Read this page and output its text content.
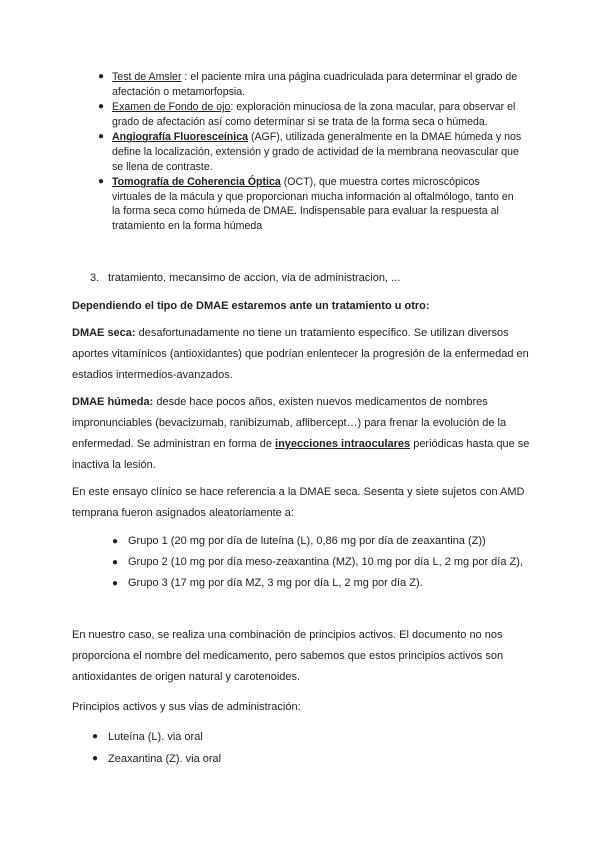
● Test de Amsler : el paciente mira una página cuadriculada para determinar el grado de afectación o metamorfopsia.
● Examen de Fondo de ojo: exploración minuciosa de la zona macular, para observar el grado de afectación así como determinar si se trata de la forma seca o húmeda.
● Angiografía Fluoresceínica (AGF), utilizada generalmente en la DMAE húmeda y nos define la localización, extensión y grado de actividad de la membrana neovascular que se llena de contraste.
● Tomografía de Coherencia Óptica (OCT), que muestra cortes microscópicos virtuales de la mácula y que proporcionan mucha información al oftalmólogo, tanto en la forma seca como húmeda de DMAE. Indispensable para evaluar la respuesta al tratamiento en la forma húmeda
3. tratamiento. mecansimo de accion, via de administracion, ...

Dependiendo el tipo de DMAE estaremos ante un tratamiento u otro:

DMAE seca: desafortunadamente no tiene un tratamiento específico. Se utilizan diversos aportes vitamínicos (antioxidantes) que podrían enlentecer la progresión de la enfermedad en estadios intermedios-avanzados.

DMAE húmeda: desde hace pocos años, existen nuevos medicamentos de nombres impronunciables (bevacizumab, ranibizumab, aflibercept…) para frenar la evolución de la enfermedad. Se administran en forma de inyecciones intraoculares periódicas hasta que se inactiva la lesión.

En este ensayo clínico se hace referencia a la DMAE seca. Sesenta y siete sujetos con AMD temprana fueron asignados aleatoriamente a:

● Grupo 1 (20 mg por día de luteína (L), 0,86 mg por día de zeaxantina (Z))
● Grupo 2 (10 mg por día meso-zeaxantina (MZ), 10 mg por día L, 2 mg por día Z),
● Grupo 3 (17 mg por día MZ, 3 mg por día L, 2 mg por día Z).

En nuestro caso, se realiza una combinación de principios activos. El documento no nos proporciona el nombre del medicamento, pero sabemos que estos principios activos son antioxidantes de origen natural y carotenoides.

Principios activos y sus vias de administración:

● Luteína (L). via oral
● Zeaxantina (Z). via oral
